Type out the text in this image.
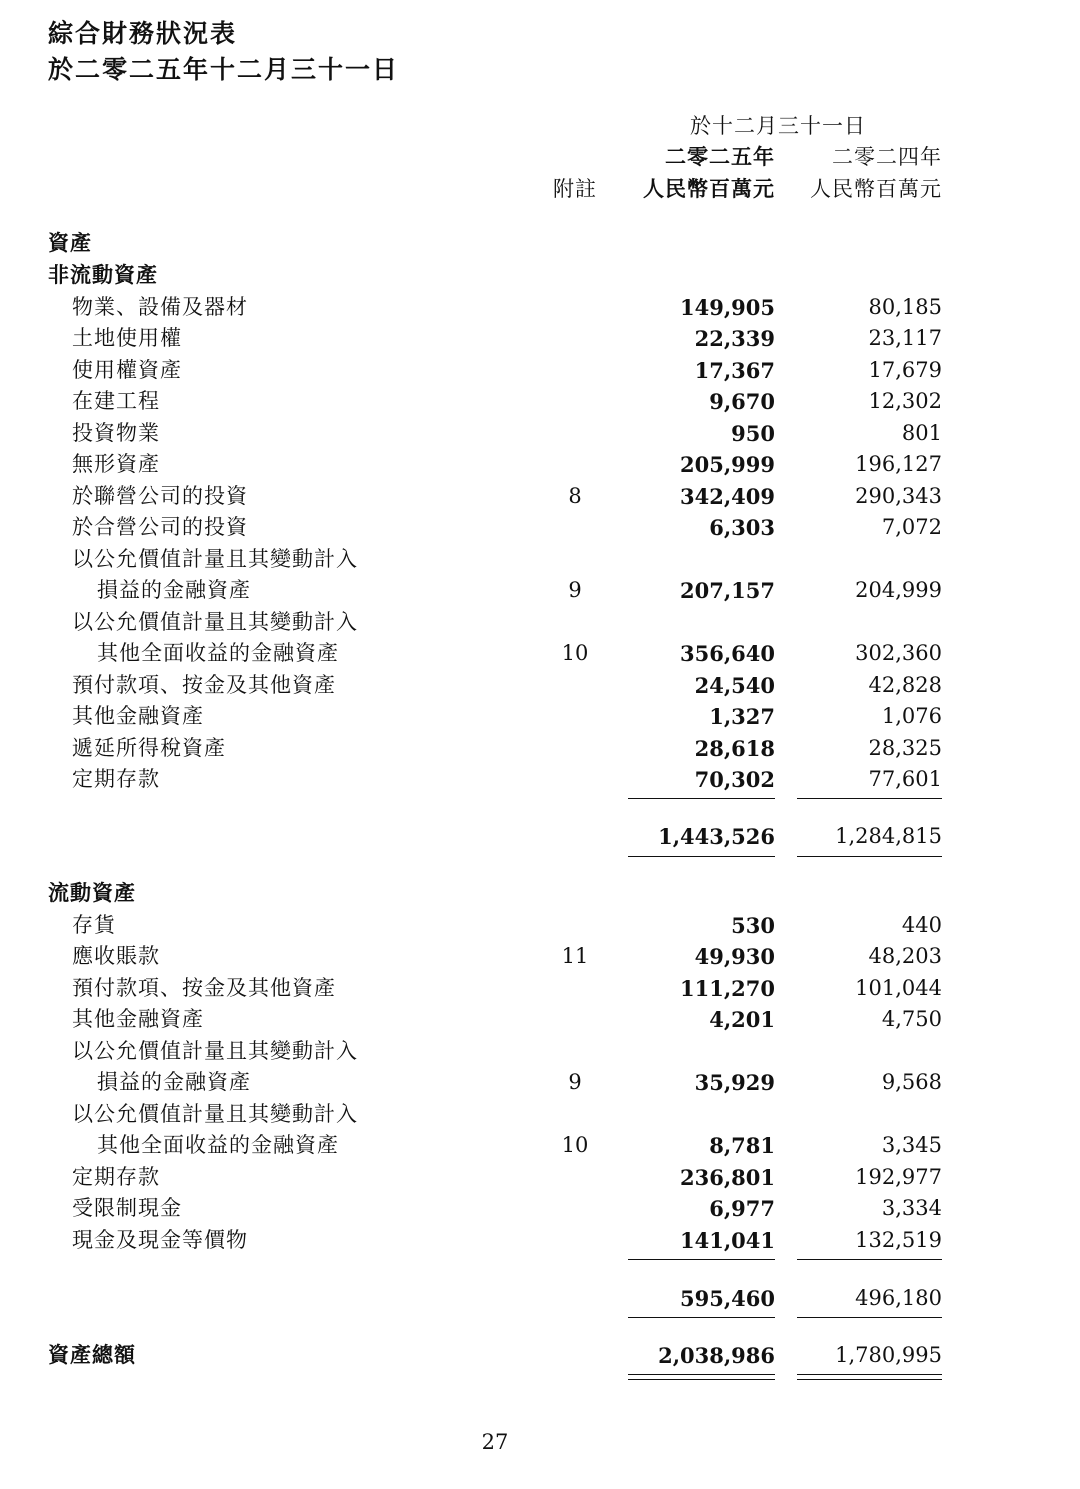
綜合財務狀況表
於二零二五年十二月三十一日
於十二月三十一日
二零二五年	二零二四年
附註	人民幣百萬元	人民幣百萬元
資產
非流動資產
物業、設備及器材	149,905	80,185
土地使用權	22,339	23,117
使用權資產	17,367	17,679
在建工程	9,670	12,302
投資物業	950	801
無形資產	205,999	196,127
於聯營公司的投資	8	342,409	290,343
於合營公司的投資	6,303	7,072
以公允價值計量且其變動計入
損益的金融資產	9	207,157	204,999
以公允價值計量且其變動計入
其他全面收益的金融資產	10	356,640	302,360
預付款項、按金及其他資產	24,540	42,828
其他金融資產	1,327	1,076
遞延所得稅資產	28,618	28,325
定期存款	70,302	77,601
1,443,526	1,284,815
流動資產
存貨	530	440
應收賬款	11	49,930	48,203
預付款項、按金及其他資產	111,270	101,044
其他金融資產	4,201	4,750
以公允價值計量且其變動計入
損益的金融資產	9	35,929	9,568
以公允價值計量且其變動計入
其他全面收益的金融資產	10	8,781	3,345
定期存款	236,801	192,977
受限制現金	6,977	3,334
現金及現金等價物	141,041	132,519
595,460	496,180
資產總額	2,038,986	1,780,995
27
